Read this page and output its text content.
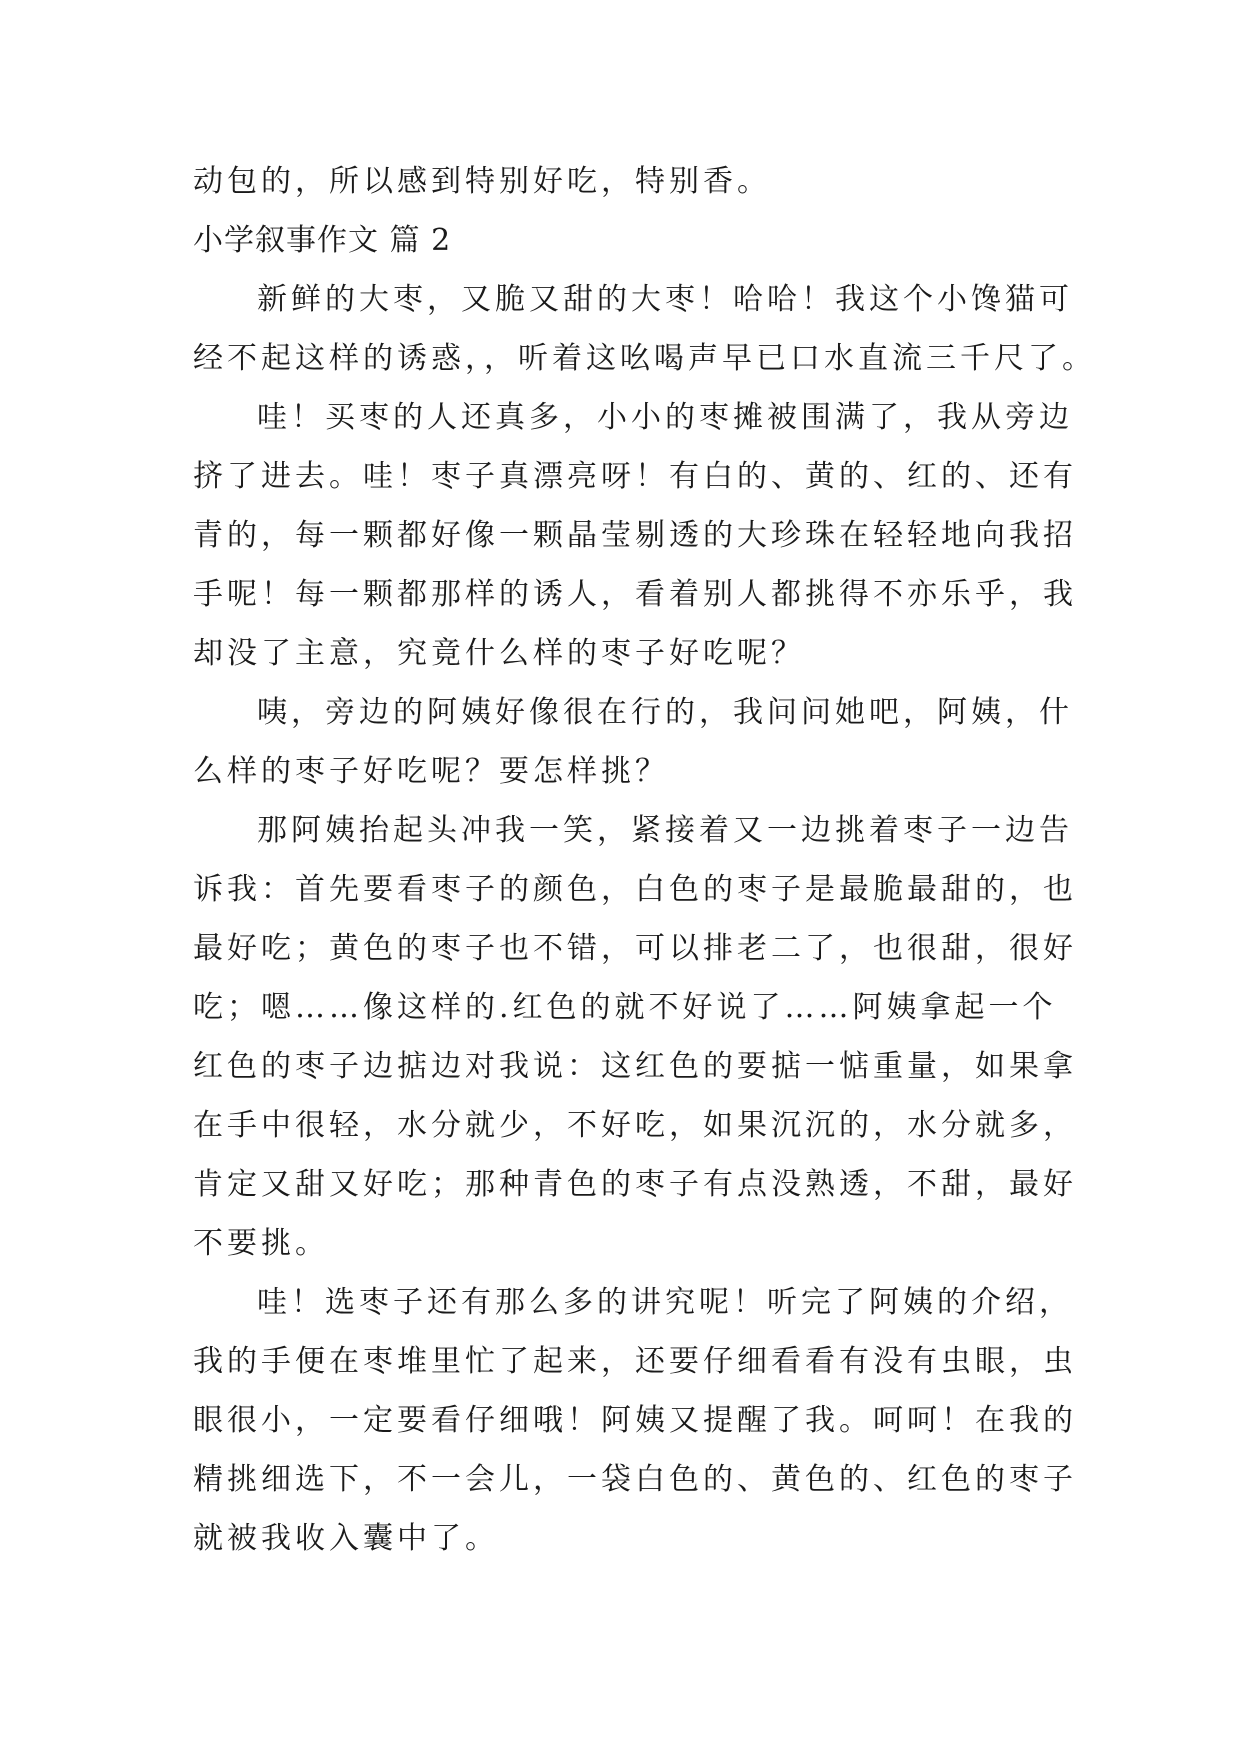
动包的，所以感到特别好吃，特别香。
小学叙事作文 篇 2
新鲜的大枣，又脆又甜的大枣！哈哈！我这个小馋猫可
经不起这样的诱惑，，听着这吆喝声早已口水直流三千尺了。
哇！买枣的人还真多，小小的枣摊被围满了，我从旁边
挤了进去。哇！枣子真漂亮呀！有白的、黄的、红的、还有
青的，每一颗都好像一颗晶莹剔透的大珍珠在轻轻地向我招
手呢！每一颗都那样的诱人，看着别人都挑得不亦乐乎，我
却没了主意，究竟什么样的枣子好吃呢？
咦，旁边的阿姨好像很在行的，我问问她吧，阿姨，什
么样的枣子好吃呢？要怎样挑？
那阿姨抬起头冲我一笑，紧接着又一边挑着枣子一边告
诉我：首先要看枣子的颜色，白色的枣子是最脆最甜的，也
最好吃；黄色的枣子也不错，可以排老二了，也很甜，很好
吃；嗯……像这样的.红色的就不好说了……阿姨拿起一个
红色的枣子边掂边对我说：这红色的要掂一惦重量，如果拿
在手中很轻，水分就少，不好吃，如果沉沉的，水分就多，
肯定又甜又好吃；那种青色的枣子有点没熟透，不甜，最好
不要挑。
哇！选枣子还有那么多的讲究呢！听完了阿姨的介绍，
我的手便在枣堆里忙了起来，还要仔细看看有没有虫眼，虫
眼很小，一定要看仔细哦！阿姨又提醒了我。呵呵！在我的
精挑细选下，不一会儿，一袋白色的、黄色的、红色的枣子
就被我收入囊中了。
